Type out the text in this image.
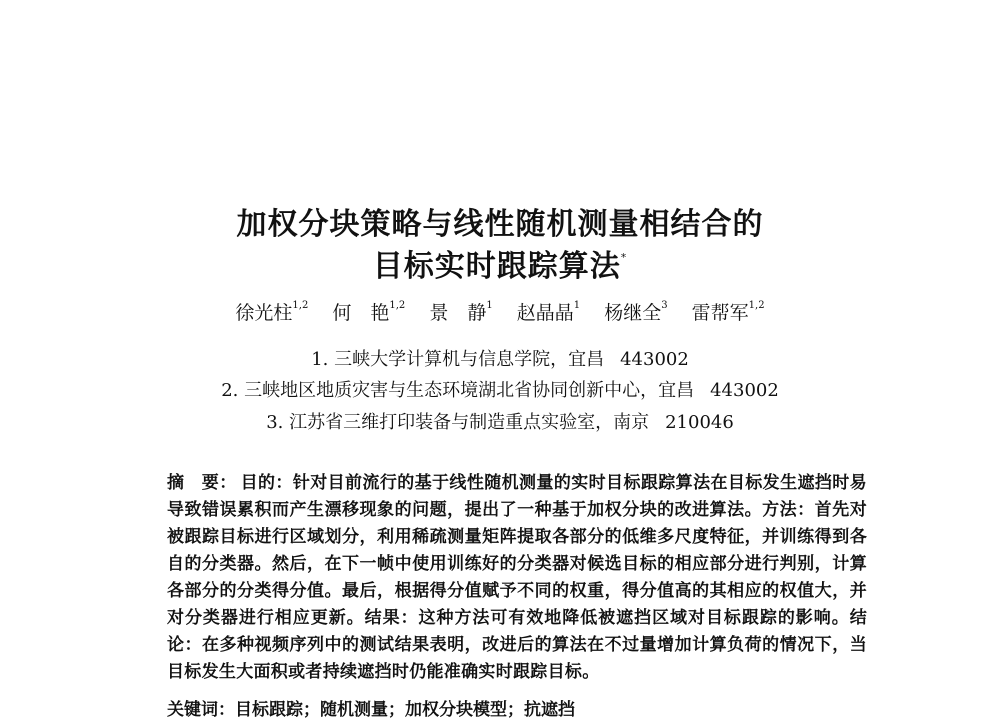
加权分块策略与线性随机测量相结合的
目标实时跟踪算法*
徐光柱$^{1,2}$ 何　艳$^{1,2}$ 景　静$^1$ 赵晶晶$^1$ 杨继全$^3$ 雷帮军$^{1,2}$
1. 三峡大学计算机与信息学院，宜昌 443002
2. 三峡地区地质灾害与生态环境湖北省协同创新中心，宜昌 443002
3. 江苏省三维打印装备与制造重点实验室，南京 210046
摘　要： 目的：针对目前流行的基于线性随机测量的实时目标跟踪算法在目标发生遮挡时易导致错误累积而产生漂移现象的问题，提出了一种基于加权分块的改进算法。方法：首先对被跟踪目标进行区域划分，利用稀疏测量矩阵提取各部分的低维多尺度特征，并训练得到各自的分类器。然后，在下一帧中使用训练好的分类器对候选目标的相应部分进行判别，计算各部分的分类得分值。最后，根据得分值赋予不同的权重，得分值高的其相应的权值大，并对分类器进行相应更新。结果：这种方法可有效地降低被遮挡区域对目标跟踪的影响。结论：在多种视频序列中的测试结果表明，改进后的算法在不过量增加计算负荷的情况下，当目标发生大面积或者持续遮挡时仍能准确实时跟踪目标。
关键词：目标跟踪；随机测量；加权分块模型；抗遮挡
